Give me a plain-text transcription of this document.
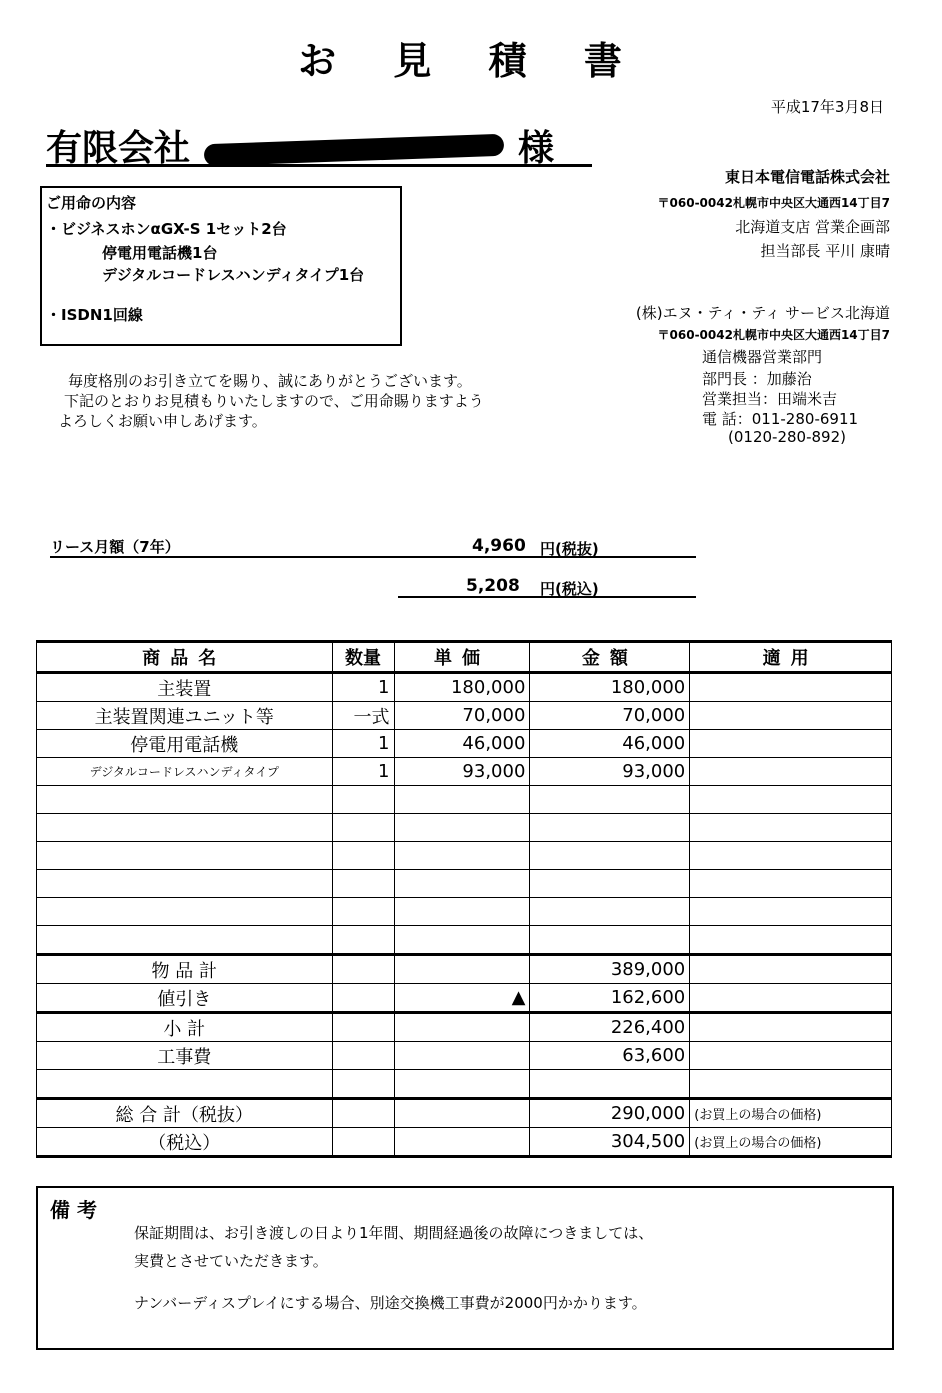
お 見 積 書
平成17年3月8日
有限会社	様
ご用命の内容
・ビジネスホンαGX-S 1セット2台
停電用電話機1台
デジタルコードレスハンディタイプ1台
・ISDN1回線
東日本電信電話株式会社
〒060-0042札幌市中央区大通西14丁目7
北海道支店 営業企画部
担当部長 平川 康晴
(株)エヌ・ティ・ティ サービス北海道
〒060-0042札幌市中央区大通西14丁目7
通信機器営業部門
部門長 ：加藤治
営業担当：田端米吉
電 話：011-280-6911
(0120-280-892)
毎度格別のお引き立てを賜り、誠にありがとうございます。
下記のとおりお見積もりいたしますので、ご用命賜りますよう
よろしくお願い申しあげます。
リース月額（7年）	4,960 円(税抜)
5,208 円(税込)
商品名	数量	単価	金額	適用
主装置	1	180,000	180,000	
主装置関連ユニット等	一式	70,000	70,000	
停電用電話機	1	46,000	46,000	
デジタルコードレスハンディタイプ	1	93,000	93,000	

物 品 計			389,000	
値引き		▲	162,600	
小 計			226,400	
工事費			63,600	

総 合 計（税抜）			290,000	(お買上の場合の価格)
（税込）			304,500	(お買上の場合の価格)
備 考
保証期間は、お引き渡しの日より1年間、期間経過後の故障につきましては、
実費とさせていただきます。
ナンバーディスプレイにする場合、別途交換機工事費が2000円かかります。
